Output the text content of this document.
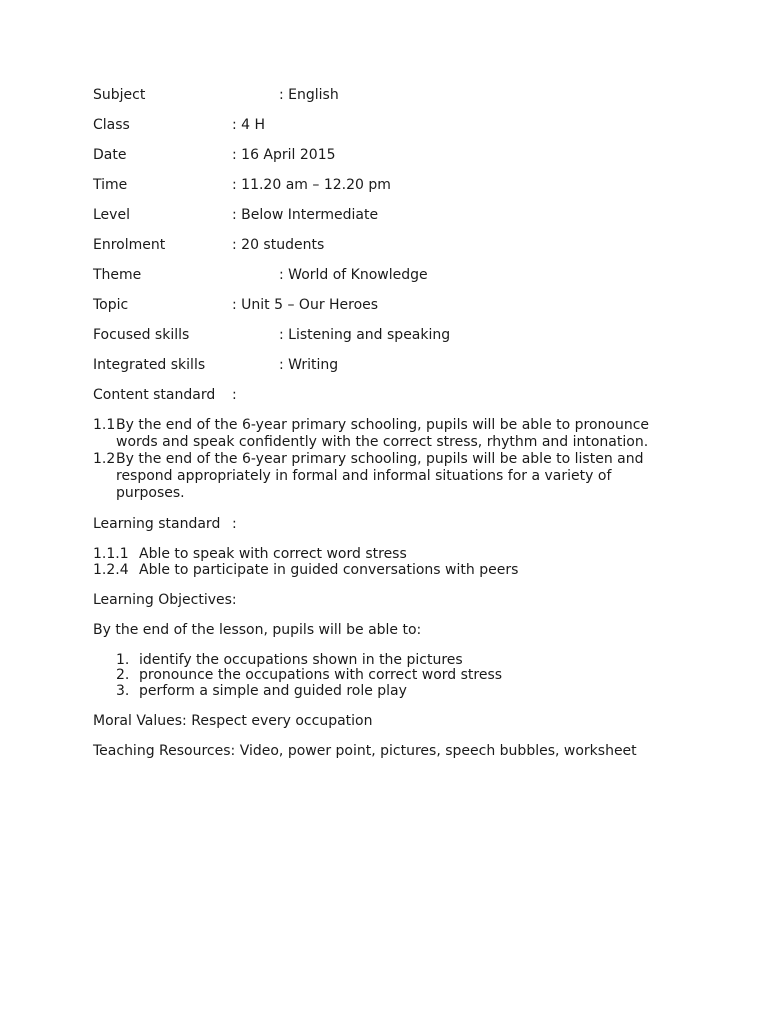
Subject	: English
Class	: 4 H
Date	: 16 April 2015
Time	: 11.20 am – 12.20 pm
Level	: Below Intermediate
Enrolment	: 20 students
Theme	: World of Knowledge
Topic	: Unit 5 – Our Heroes
Focused skills	: Listening and speaking
Integrated skills	: Writing
Content standard :
1.1 By the end of the 6-year primary schooling, pupils will be able to pronounce
words and speak confidently with the correct stress, rhythm and intonation.
1.2 By the end of the 6-year primary schooling, pupils will be able to listen and
respond appropriately in formal and informal situations for a variety of
purposes.
Learning standard :
1.1.1 Able to speak with correct word stress
1.2.4 Able to participate in guided conversations with peers
Learning Objectives:
By the end of the lesson, pupils will be able to:
1. identify the occupations shown in the pictures
2. pronounce the occupations with correct word stress
3. perform a simple and guided role play
Moral Values: Respect every occupation
Teaching Resources: Video, power point, pictures, speech bubbles, worksheet
